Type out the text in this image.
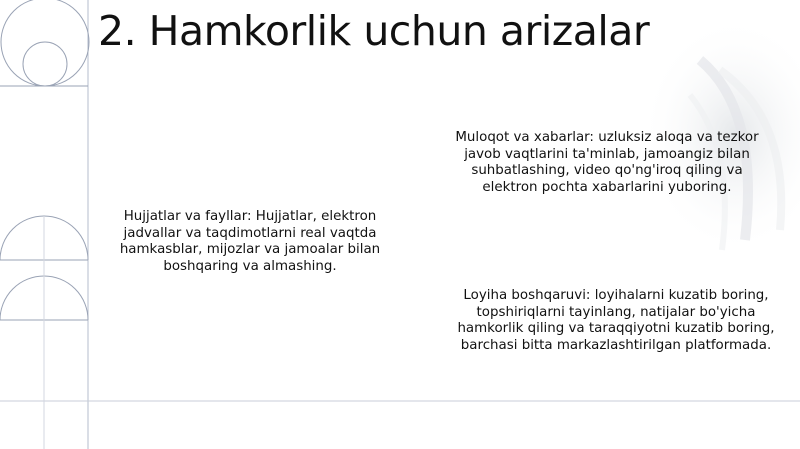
2. Hamkorlik uchun arizalar

Hujjatlar va fayllar: Hujjatlar, elektron jadvallar va taqdimotlarni real vaqtda hamkasblar, mijozlar va jamoalar bilan boshqaring va almashing.

Muloqot va xabarlar: uzluksiz aloqa va tezkor javob vaqtlarini ta'minlab, jamoangiz bilan suhbatlashing, video qo'ng'iroq qiling va elektron pochta xabarlarini yuboring.

Loyiha boshqaruvi: loyihalarni kuzatib boring, topshiriqlarni tayinlang, natijalar bo'yicha hamkorlik qiling va taraqqiyotni kuzatib boring, barchasi bitta markazlashtirilgan platformada.
